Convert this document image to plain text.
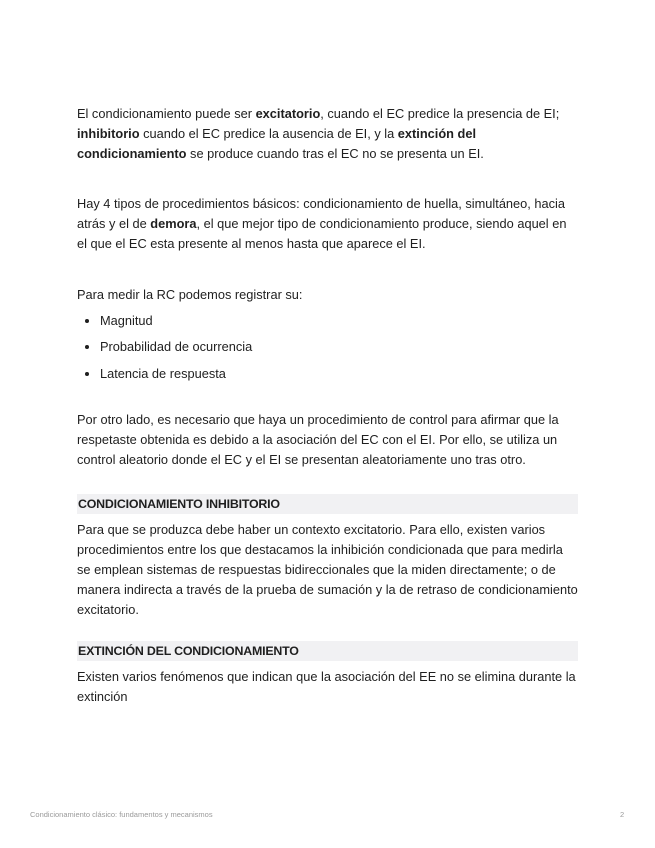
El condicionamiento puede ser excitatorio, cuando el EC predice la presencia de EI; inhibitorio cuando el EC predice la ausencia de EI, y la extinción del condicionamiento se produce cuando tras el EC no se presenta un EI.

Hay 4 tipos de procedimientos básicos: condicionamiento de huella, simultáneo, hacia atrás y el de demora, el que mejor tipo de condicionamiento produce, siendo aquel en el que el EC esta presente al menos hasta que aparece el EI.

Para medir la RC podemos registrar su:

Magnitud
Probabilidad de ocurrencia
Latencia de respuesta

Por otro lado, es necesario que haya un procedimiento de control para afirmar que la respetaste obtenida es debido a la asociación del EC con el EI. Por ello, se utiliza un control aleatorio donde el EC y el EI se presentan aleatoriamente uno tras otro.

CONDICIONAMIENTO INHIBITORIO

Para que se produzca debe haber un contexto excitatorio. Para ello, existen varios procedimientos entre los que destacamos la inhibición condicionada que para medirla se emplean sistemas de respuestas bidireccionales que la miden directamente; o de manera indirecta a través de la prueba de sumación y la de retraso de condicionamiento excitatorio.

EXTINCIÓN DEL CONDICIONAMIENTO

Existen varios fenómenos que indican que la asociación del EE no se elimina durante la extinción

Condicionamiento clásico: fundamentos y mecanismos	2
